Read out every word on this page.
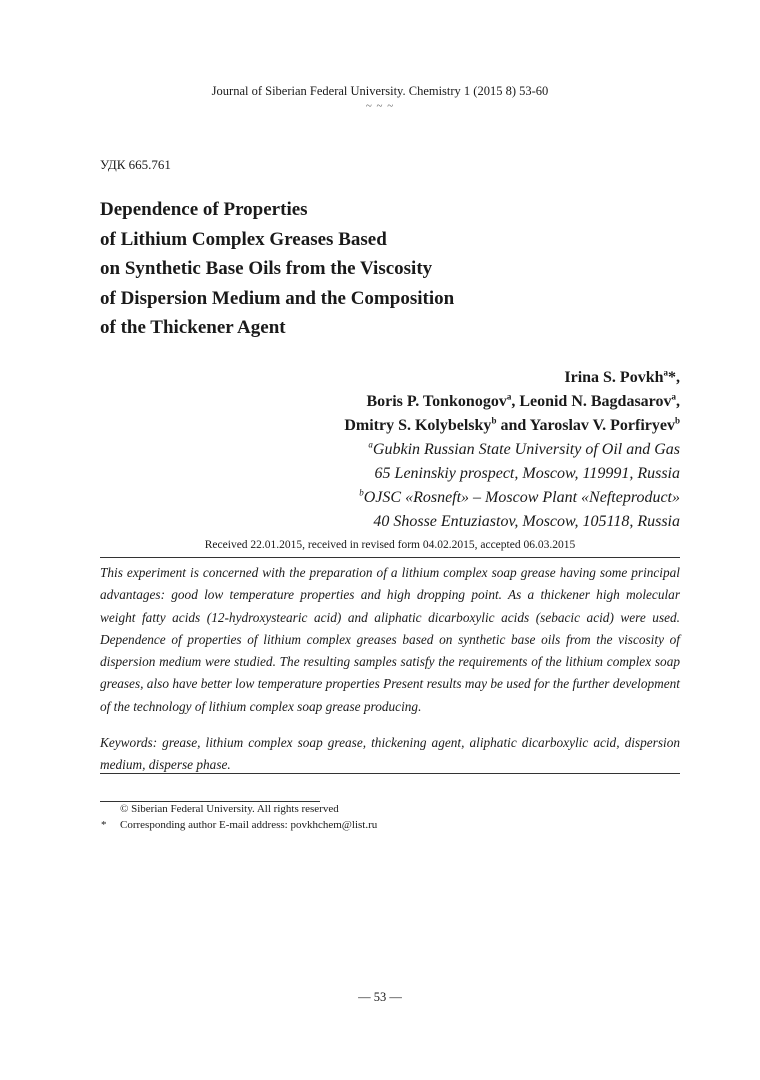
Journal of Siberian Federal University. Chemistry 1 (2015 8) 53-60
~ ~ ~
УДК 665.761
Dependence of Properties
of Lithium Complex Greases Based
on Synthetic Base Oils from the Viscosity
of Dispersion Medium and the Composition
of the Thickener Agent
Irina S. Povkh$^a$*,
Boris P. Tonkonogov$^a$, Leonid N. Bagdasarov$^a$,
Dmitry S. Kolybelsky$^b$ and Yaroslav V. Porfiryev$^b$
$^a$Gubkin Russian State University of Oil and Gas
65 Leninskiy prospect, Moscow, 119991, Russia
$^b$OJSC «Rosneft» – Moscow Plant «Nefteproduct»
40 Shosse Entuziastov, Moscow, 105118, Russia
Received 22.01.2015, received in revised form 04.02.2015, accepted 06.03.2015
This experiment is concerned with the preparation of a lithium complex soap grease having some principal advantages: good low temperature properties and high dropping point. As a thickener high molecular weight fatty acids (12-hydroxystearic acid) and aliphatic dicarboxylic acids (sebacic acid) were used. Dependence of properties of lithium complex greases based on synthetic base oils from the viscosity of dispersion medium were studied. The resulting samples satisfy the requirements of the lithium complex soap greases, also have better low temperature properties Present results may be used for the further development of the technology of lithium complex soap grease producing.
Keywords: grease, lithium complex soap grease, thickening agent, aliphatic dicarboxylic acid, dispersion medium, disperse phase.
© Siberian Federal University. All rights reserved
* Corresponding author E-mail address: povkhchem@list.ru
— 53 —
